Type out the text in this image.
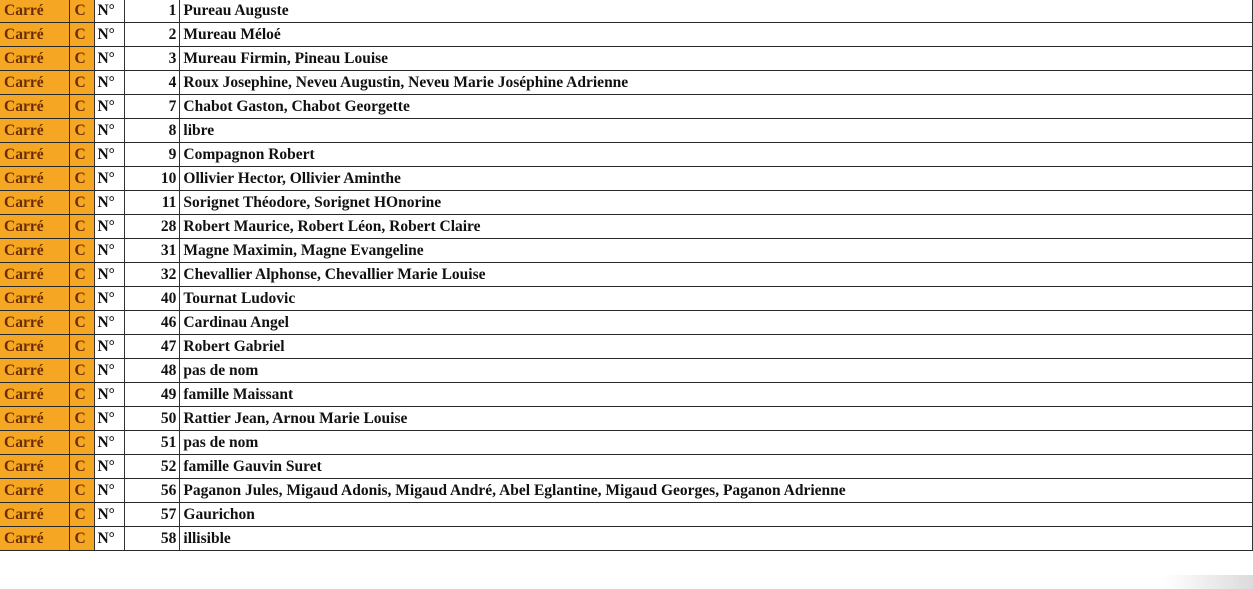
Carré	C	N°	1	Pureau Auguste
Carré	C	N°	2	Mureau Méloé
Carré	C	N°	3	Mureau Firmin, Pineau Louise
Carré	C	N°	4	Roux Josephine, Neveu Augustin, Neveu Marie Joséphine Adrienne
Carré	C	N°	7	Chabot Gaston, Chabot Georgette
Carré	C	N°	8	libre
Carré	C	N°	9	Compagnon Robert
Carré	C	N°	10	Ollivier Hector, Ollivier Aminthe
Carré	C	N°	11	Sorignet Théodore, Sorignet HOnorine
Carré	C	N°	28	Robert Maurice, Robert Léon, Robert Claire
Carré	C	N°	31	Magne Maximin, Magne Evangeline
Carré	C	N°	32	Chevallier Alphonse, Chevallier Marie Louise
Carré	C	N°	40	Tournat Ludovic
Carré	C	N°	46	Cardinau Angel
Carré	C	N°	47	Robert Gabriel
Carré	C	N°	48	pas de nom
Carré	C	N°	49	famille Maissant
Carré	C	N°	50	Rattier Jean, Arnou Marie Louise
Carré	C	N°	51	pas de nom
Carré	C	N°	52	famille Gauvin Suret
Carré	C	N°	56	Paganon Jules, Migaud Adonis, Migaud André, Abel Eglantine, Migaud Georges, Paganon Adrienne
Carré	C	N°	57	Gaurichon
Carré	C	N°	58	illisible
